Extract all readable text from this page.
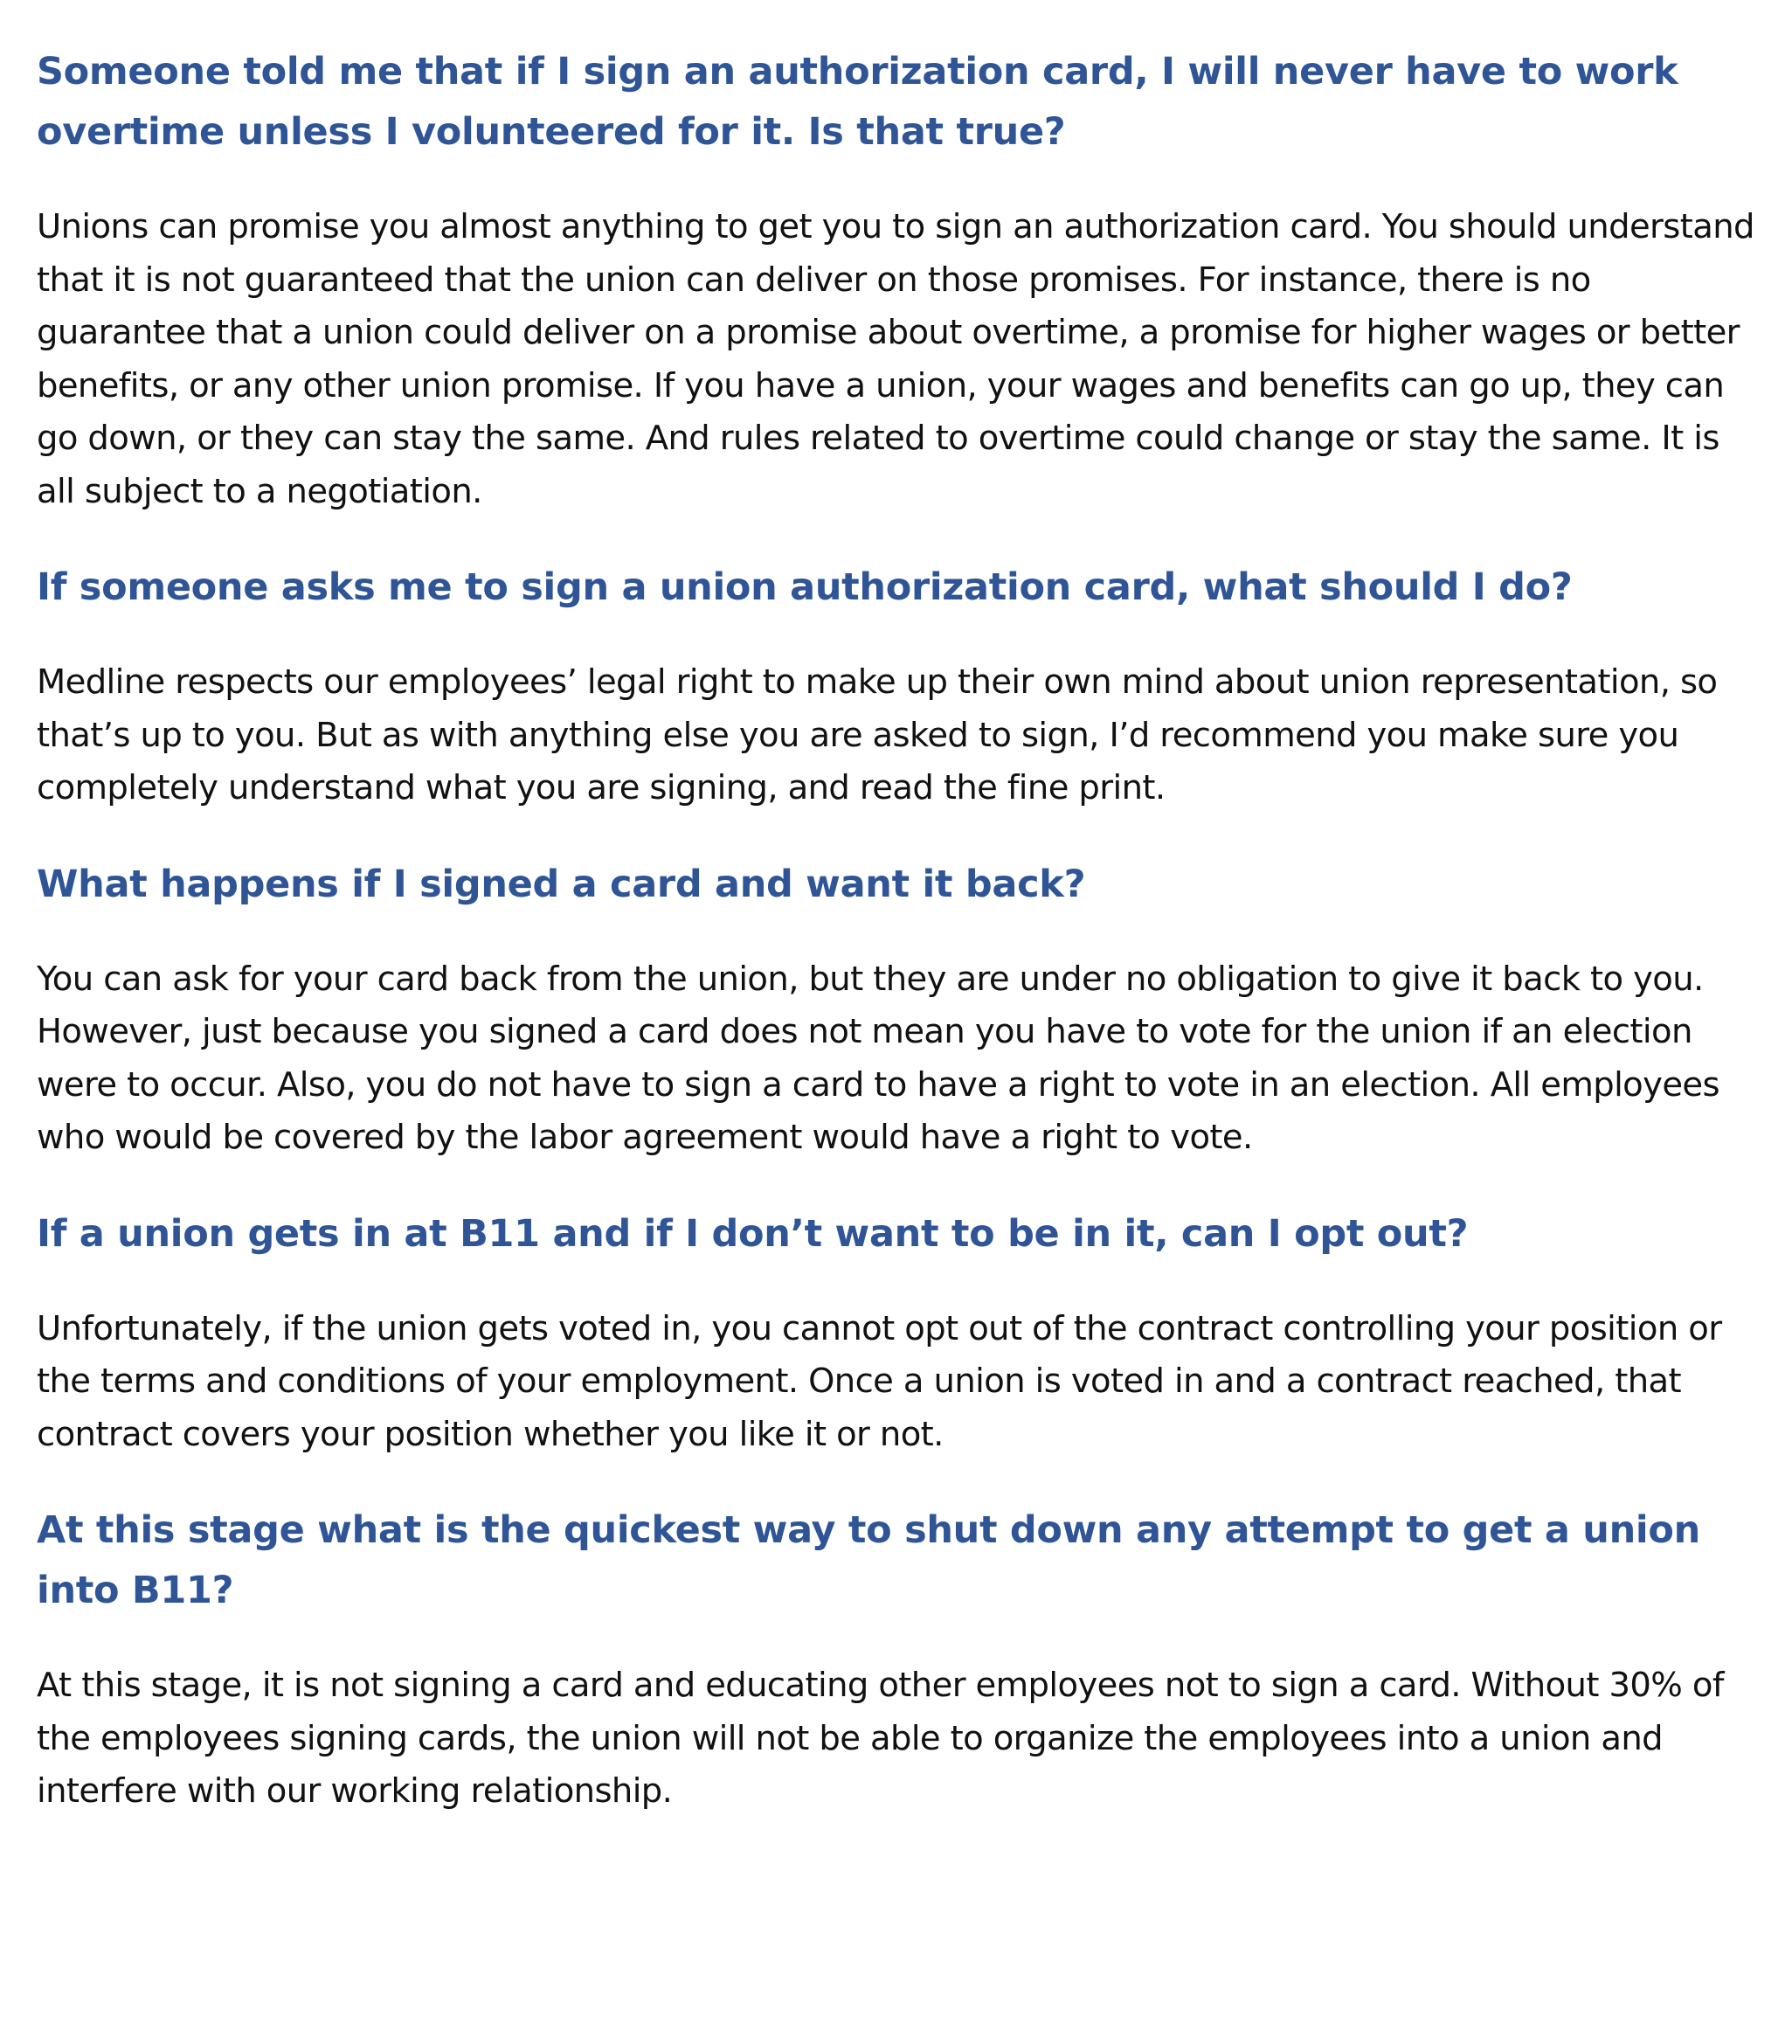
Someone told me that if I sign an authorization card, I will never have to work overtime unless I volunteered for it. Is that true?

Unions can promise you almost anything to get you to sign an authorization card. You should understand that it is not guaranteed that the union can deliver on those promises. For instance, there is no guarantee that a union could deliver on a promise about overtime, a promise for higher wages or better benefits, or any other union promise. If you have a union, your wages and benefits can go up, they can go down, or they can stay the same. And rules related to overtime could change or stay the same. It is all subject to a negotiation.

If someone asks me to sign a union authorization card, what should I do?

Medline respects our employees’ legal right to make up their own mind about union representation, so that’s up to you. But as with anything else you are asked to sign, I’d recommend you make sure you completely understand what you are signing, and read the fine print.

What happens if I signed a card and want it back?

You can ask for your card back from the union, but they are under no obligation to give it back to you. However, just because you signed a card does not mean you have to vote for the union if an election were to occur. Also, you do not have to sign a card to have a right to vote in an election. All employees who would be covered by the labor agreement would have a right to vote.

If a union gets in at B11 and if I don’t want to be in it, can I opt out?

Unfortunately, if the union gets voted in, you cannot opt out of the contract controlling your position or the terms and conditions of your employment. Once a union is voted in and a contract reached, that contract covers your position whether you like it or not.

At this stage what is the quickest way to shut down any attempt to get a union into B11?

At this stage, it is not signing a card and educating other employees not to sign a card. Without 30% of the employees signing cards, the union will not be able to organize the employees into a union and interfere with our working relationship.
